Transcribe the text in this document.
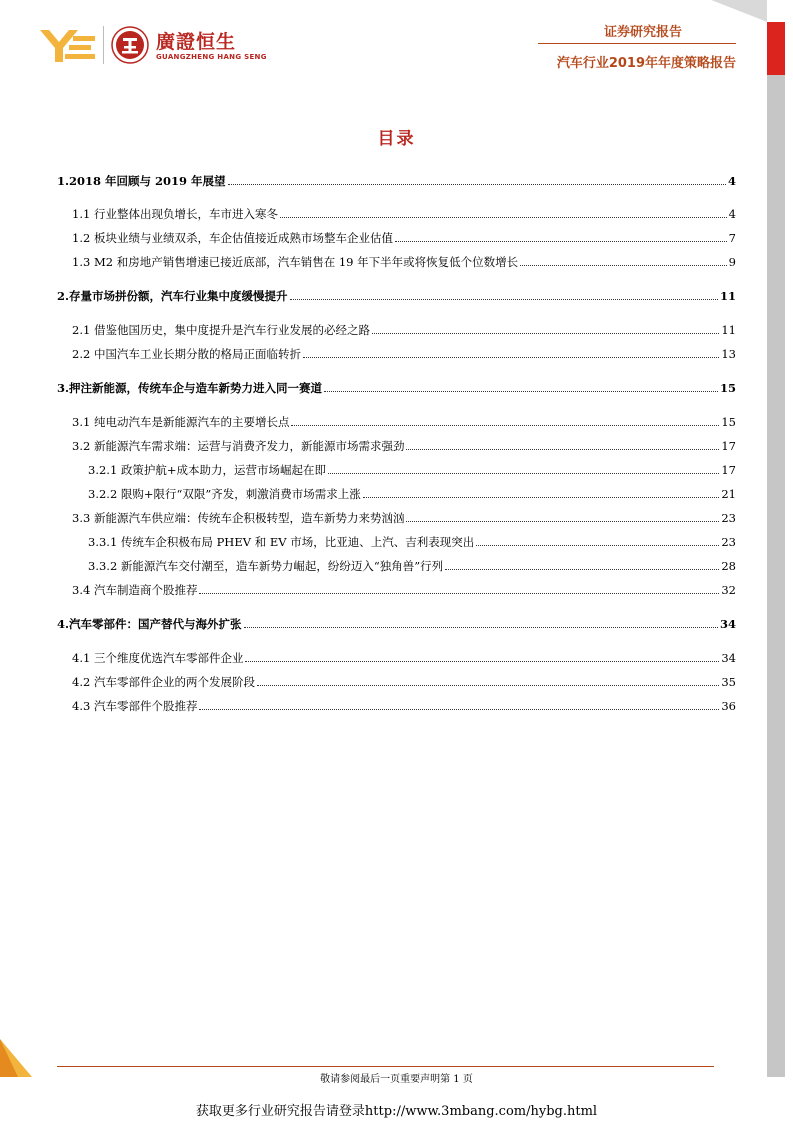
廣證恒生
GUANGZHENG HANG SENG
证券研究报告
汽车行业2019年年度策略报告
目录
1.2018 年回顾与 2019 年展望	4
1.1 行业整体出现负增长，车市进入寒冬	4
1.2 板块业绩与业绩双杀，车企估值接近成熟市场整车企业估值	7
1.3 M2 和房地产销售增速已接近底部，汽车销售在 19 年下半年或将恢复低个位数增长	9
2.存量市场拼份额，汽车行业集中度缓慢提升	11
2.1 借鉴他国历史，集中度提升是汽车行业发展的必经之路	11
2.2 中国汽车工业长期分散的格局正面临转折	13
3.押注新能源，传统车企与造车新势力进入同一赛道	15
3.1 纯电动汽车是新能源汽车的主要增长点	15
3.2 新能源汽车需求端：运营与消费齐发力，新能源市场需求强劲	17
3.2.1 政策护航+成本助力，运营市场崛起在即	17
3.2.2 限购+限行“双限”齐发，刺激消费市场需求上涨	21
3.3 新能源汽车供应端：传统车企积极转型，造车新势力来势汹汹	23
3.3.1 传统车企积极布局 PHEV 和 EV 市场，比亚迪、上汽、吉利表现突出	23
3.3.2 新能源汽车交付潮至，造车新势力崛起，纷纷迈入“独角兽”行列	28
3.4 汽车制造商个股推荐	32
4.汽车零部件：国产替代与海外扩张	34
4.1 三个维度优选汽车零部件企业	34
4.2 汽车零部件企业的两个发展阶段	35
4.3 汽车零部件个股推荐	36
敬请参阅最后一页重要声明第 1 页
获取更多行业研究报告请登录http://www.3mbang.com/hybg.html
